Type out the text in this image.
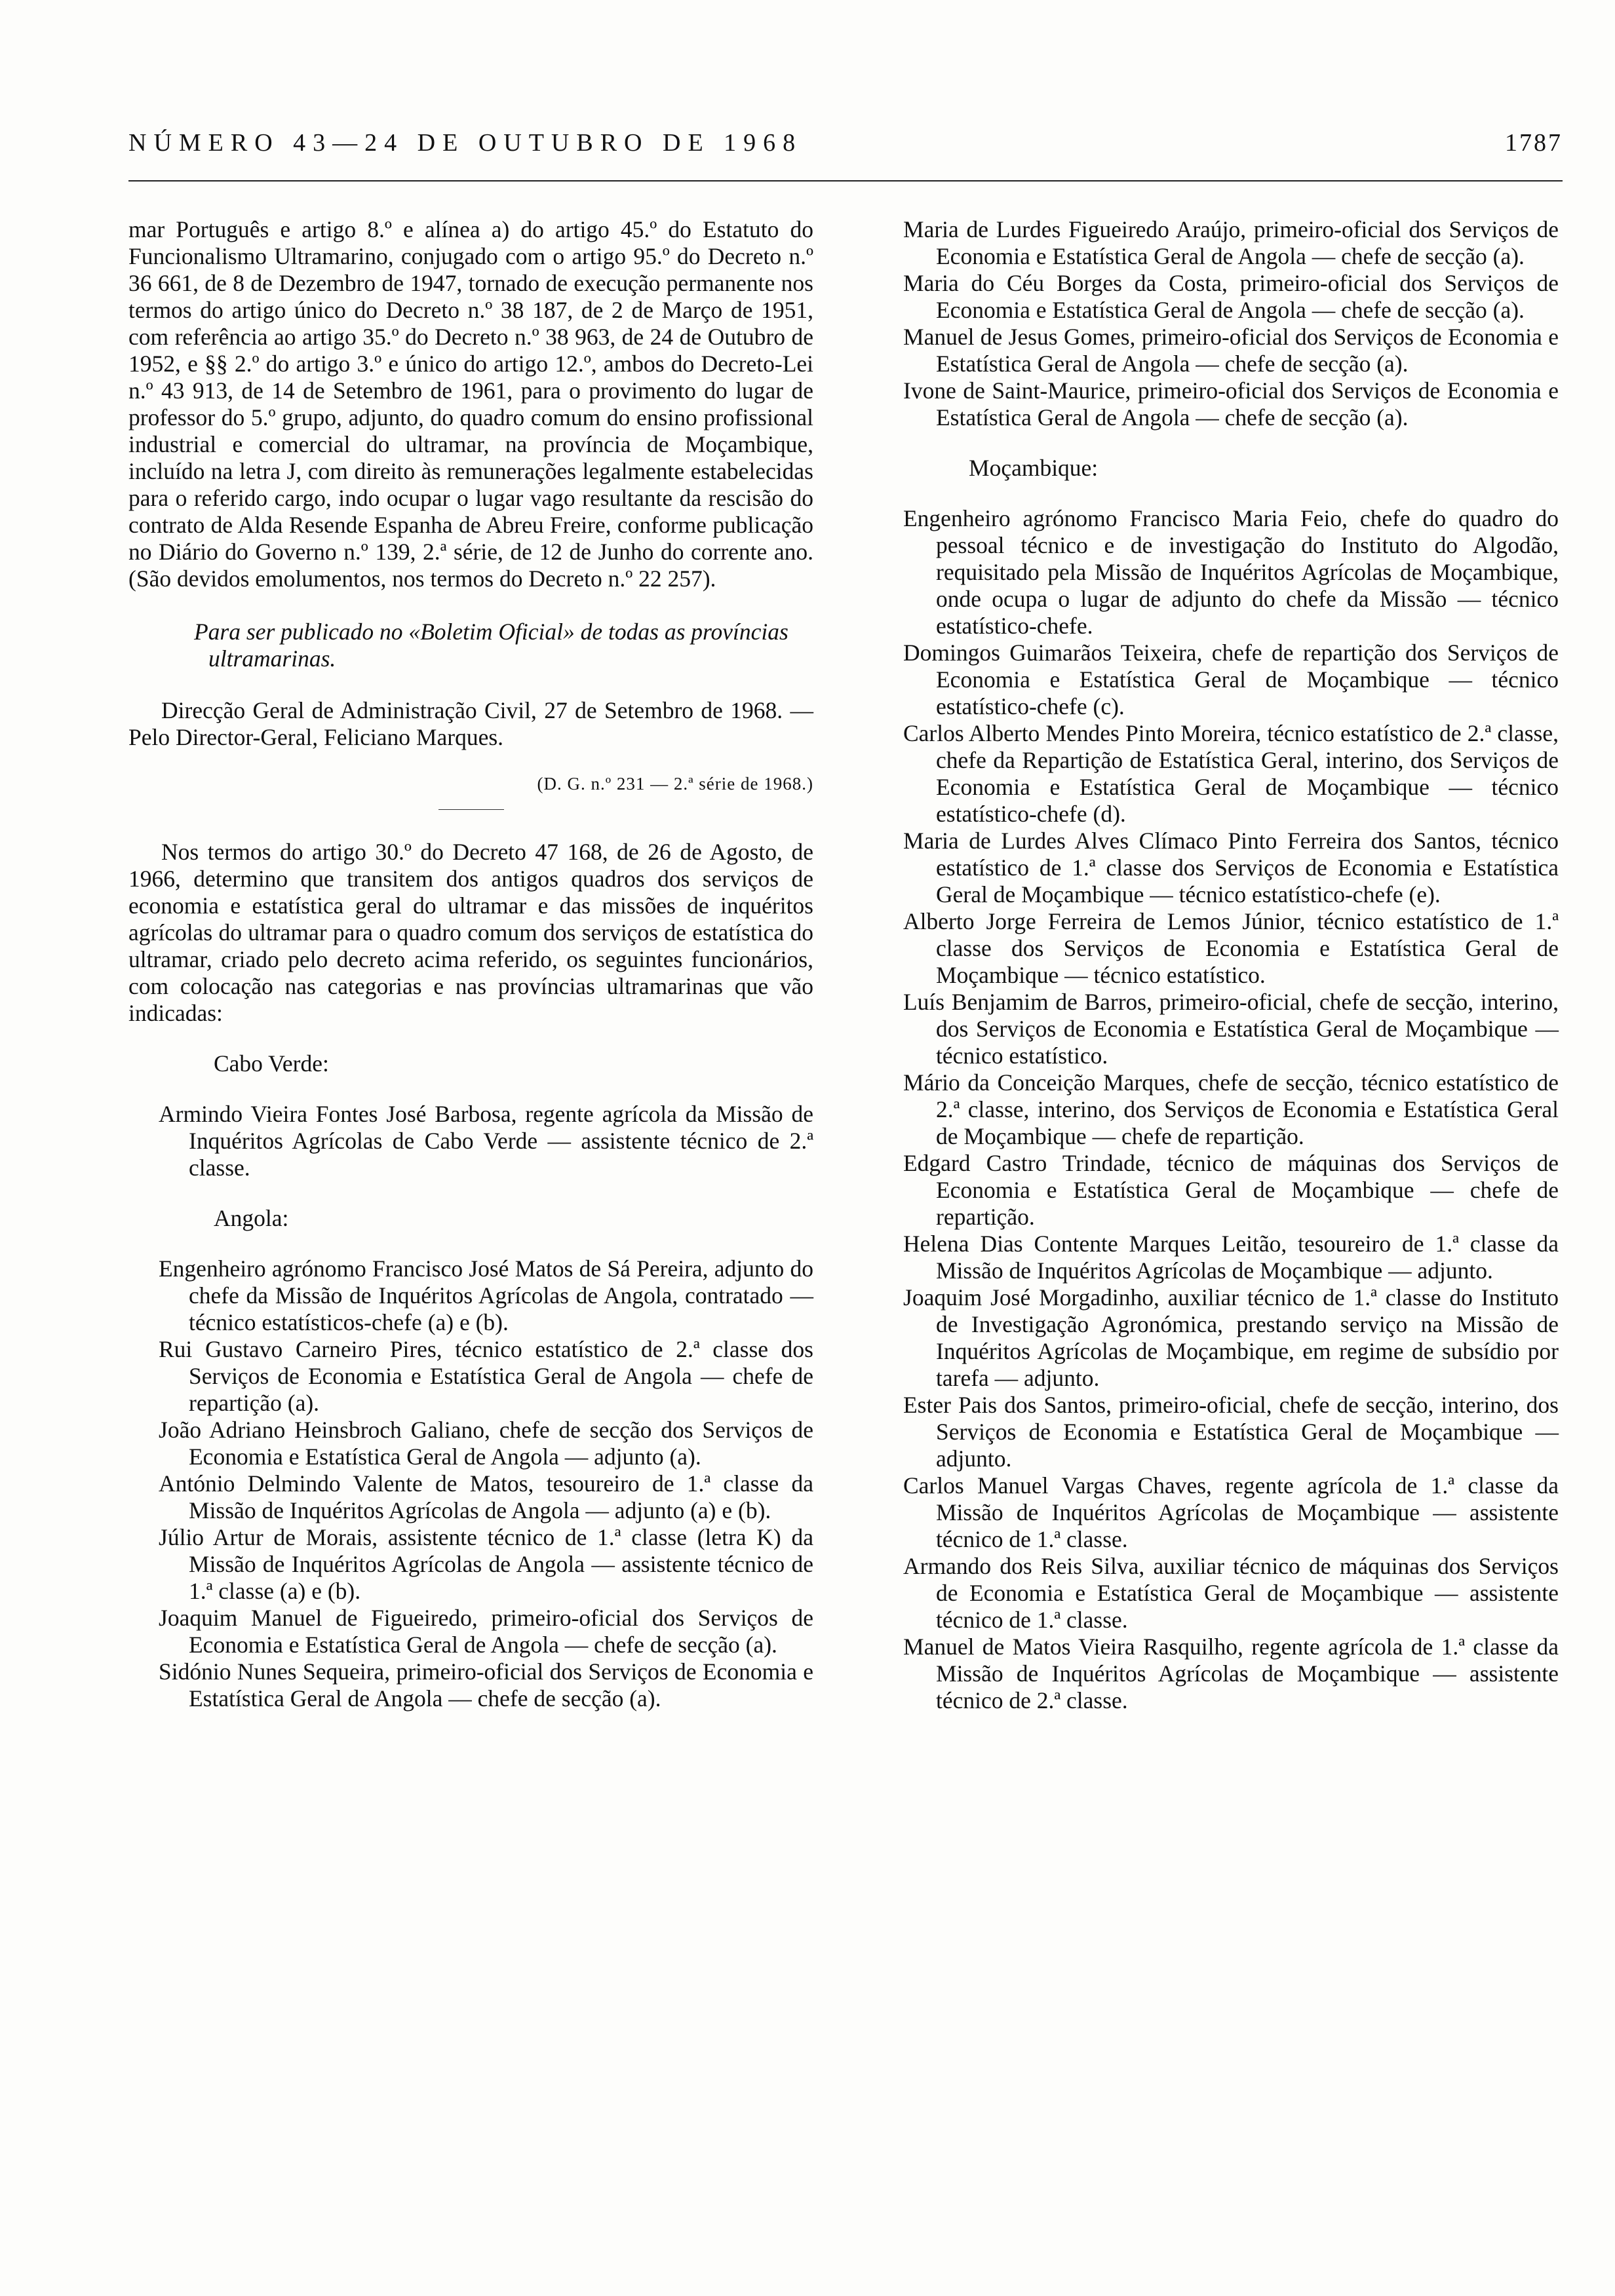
NÚMERO 43—24 DE OUTUBRO DE 1968	1787

mar Português e artigo 8.º e alínea a) do artigo 45.º do Estatuto do Funcionalismo Ultramarino, conjugado com o artigo 95.º do Decreto n.º 36 661, de 8 de Dezembro de 1947, tornado de execução permanente nos termos do artigo único do Decreto n.º 38 187, de 2 de Março de 1951, com referência ao artigo 35.º do Decreto n.º 38 963, de 24 de Outubro de 1952, e §§ 2.º do artigo 3.º e único do artigo 12.º, ambos do Decreto-Lei n.º 43 913, de 14 de Setembro de 1961, para o provimento do lugar de professor do 5.º grupo, adjunto, do quadro comum do ensino profissional industrial e comercial do ultramar, na província de Moçambique, incluído na letra J, com direito às remunerações legalmente estabelecidas para o referido cargo, indo ocupar o lugar vago resultante da rescisão do contrato de Alda Resende Espanha de Abreu Freire, conforme publicação no Diário do Governo n.º 139, 2.ª série, de 12 de Junho do corrente ano. (São devidos emolumentos, nos termos do Decreto n.º 22 257).

Para ser publicado no «Boletim Oficial» de todas as províncias ultramarinas.

Direcção Geral de Administração Civil, 27 de Setembro de 1968. — Pelo Director-Geral, Feliciano Marques.

(D. G. n.º 231 — 2.ª série de 1968.)

Nos termos do artigo 30.º do Decreto 47 168, de 26 de Agosto, de 1966, determino que transitem dos antigos quadros dos serviços de economia e estatística geral do ultramar e das missões de inquéritos agrícolas do ultramar para o quadro comum dos serviços de estatística do ultramar, criado pelo decreto acima referido, os seguintes funcionários, com colocação nas categorias e nas províncias ultramarinas que vão indicadas:

Cabo Verde:

Armindo Vieira Fontes José Barbosa, regente agrícola da Missão de Inquéritos Agrícolas de Cabo Verde — assistente técnico de 2.ª classe.

Angola:

Engenheiro agrónomo Francisco José Matos de Sá Pereira, adjunto do chefe da Missão de Inquéritos Agrícolas de Angola, contratado — técnico estatísticos-chefe (a) e (b).

Rui Gustavo Carneiro Pires, técnico estatístico de 2.ª classe dos Serviços de Economia e Estatística Geral de Angola — chefe de repartição (a).

João Adriano Heinsbroch Galiano, chefe de secção dos Serviços de Economia e Estatística Geral de Angola — adjunto (a).

António Delmindo Valente de Matos, tesoureiro de 1.ª classe da Missão de Inquéritos Agrícolas de Angola — adjunto (a) e (b).

Júlio Artur de Morais, assistente técnico de 1.ª classe (letra K) da Missão de Inquéritos Agrícolas de Angola — assistente técnico de 1.ª classe (a) e (b).

Joaquim Manuel de Figueiredo, primeiro-oficial dos Serviços de Economia e Estatística Geral de Angola — chefe de secção (a).

Sidónio Nunes Sequeira, primeiro-oficial dos Serviços de Economia e Estatística Geral de Angola — chefe de secção (a).

Maria de Lurdes Figueiredo Araújo, primeiro-oficial dos Serviços de Economia e Estatística Geral de Angola — chefe de secção (a).

Maria do Céu Borges da Costa, primeiro-oficial dos Serviços de Economia e Estatística Geral de Angola — chefe de secção (a).

Manuel de Jesus Gomes, primeiro-oficial dos Serviços de Economia e Estatística Geral de Angola — chefe de secção (a).

Ivone de Saint-Maurice, primeiro-oficial dos Serviços de Economia e Estatística Geral de Angola — chefe de secção (a).

Moçambique:

Engenheiro agrónomo Francisco Maria Feio, chefe do quadro do pessoal técnico e de investigação do Instituto do Algodão, requisitado pela Missão de Inquéritos Agrícolas de Moçambique, onde ocupa o lugar de adjunto do chefe da Missão — técnico estatístico-chefe.

Domingos Guimarãos Teixeira, chefe de repartição dos Serviços de Economia e Estatística Geral de Moçambique — técnico estatístico-chefe (c).

Carlos Alberto Mendes Pinto Moreira, técnico estatístico de 2.ª classe, chefe da Repartição de Estatística Geral, interino, dos Serviços de Economia e Estatística Geral de Moçambique — técnico estatístico-chefe (d).

Maria de Lurdes Alves Clímaco Pinto Ferreira dos Santos, técnico estatístico de 1.ª classe dos Serviços de Economia e Estatística Geral de Moçambique — técnico estatístico-chefe (e).

Alberto Jorge Ferreira de Lemos Júnior, técnico estatístico de 1.ª classe dos Serviços de Economia e Estatística Geral de Moçambique — técnico estatístico.

Luís Benjamim de Barros, primeiro-oficial, chefe de secção, interino, dos Serviços de Economia e Estatística Geral de Moçambique — técnico estatístico.

Mário da Conceição Marques, chefe de secção, técnico estatístico de 2.ª classe, interino, dos Serviços de Economia e Estatística Geral de Moçambique — chefe de repartição.

Edgard Castro Trindade, técnico de máquinas dos Serviços de Economia e Estatística Geral de Moçambique — chefe de repartição.

Helena Dias Contente Marques Leitão, tesoureiro de 1.ª classe da Missão de Inquéritos Agrícolas de Moçambique — adjunto.

Joaquim José Morgadinho, auxiliar técnico de 1.ª classe do Instituto de Investigação Agronómica, prestando serviço na Missão de Inquéritos Agrícolas de Moçambique, em regime de subsídio por tarefa — adjunto.

Ester Pais dos Santos, primeiro-oficial, chefe de secção, interino, dos Serviços de Economia e Estatística Geral de Moçambique — adjunto.

Carlos Manuel Vargas Chaves, regente agrícola de 1.ª classe da Missão de Inquéritos Agrícolas de Moçambique — assistente técnico de 1.ª classe.

Armando dos Reis Silva, auxiliar técnico de máquinas dos Serviços de Economia e Estatística Geral de Moçambique — assistente técnico de 1.ª classe.

Manuel de Matos Vieira Rasquilho, regente agrícola de 1.ª classe da Missão de Inquéritos Agrícolas de Moçambique — assistente técnico de 2.ª classe.
